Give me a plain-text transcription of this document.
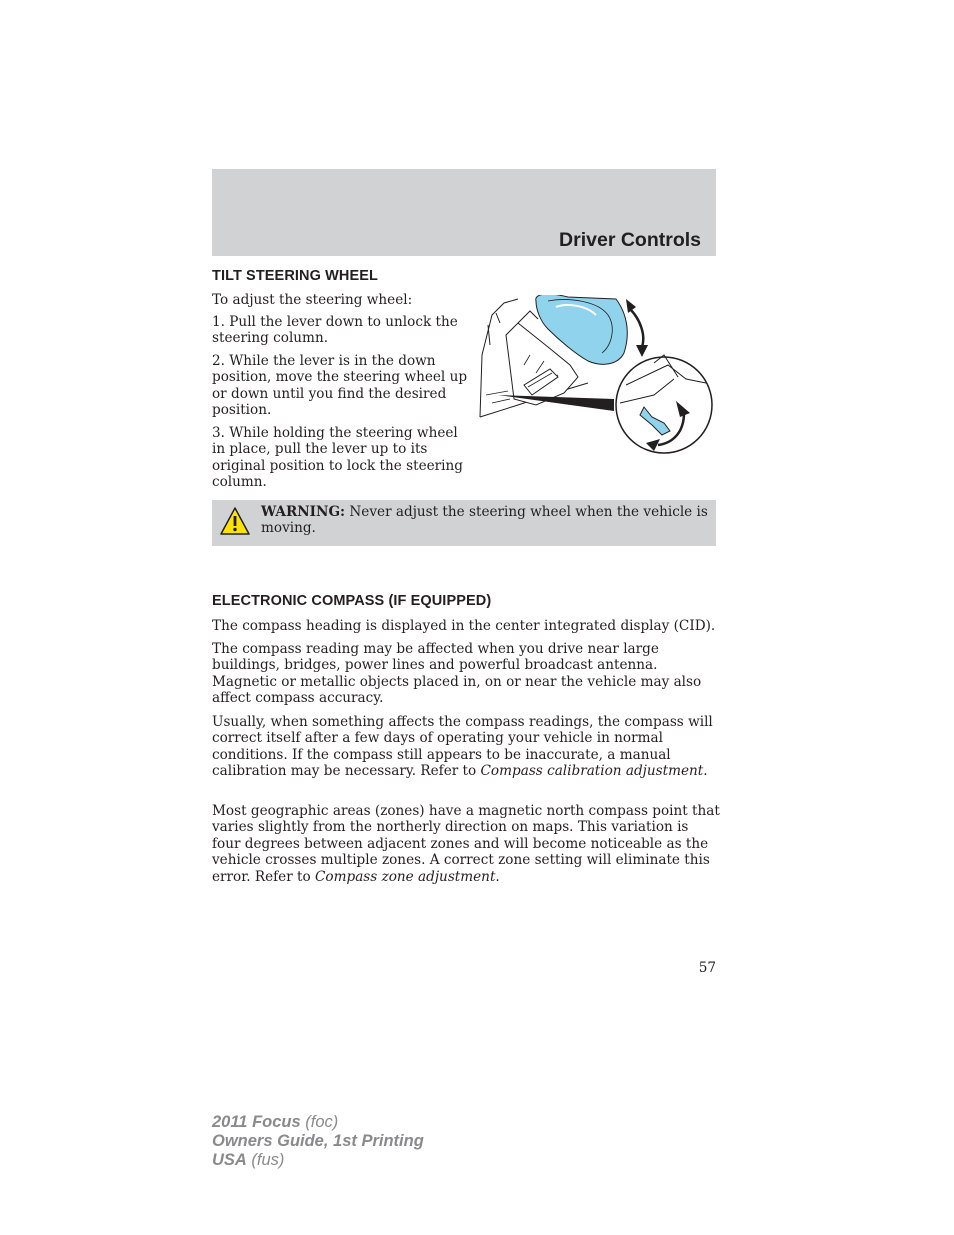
Driver Controls
TILT STEERING WHEEL

To adjust the steering wheel:

1. Pull the lever down to unlock the steering column.

2. While the lever is in the down position, move the steering wheel up or down until you find the desired position.

3. While holding the steering wheel in place, pull the lever up to its original position to lock the steering column.

WARNING: Never adjust the steering wheel when the vehicle is moving.
ELECTRONIC COMPASS (IF EQUIPPED)

The compass heading is displayed in the center integrated display (CID).

The compass reading may be affected when you drive near large buildings, bridges, power lines and powerful broadcast antenna. Magnetic or metallic objects placed in, on or near the vehicle may also affect compass accuracy.

Usually, when something affects the compass readings, the compass will correct itself after a few days of operating your vehicle in normal conditions. If the compass still appears to be inaccurate, a manual calibration may be necessary. Refer to Compass calibration adjustment.

Most geographic areas (zones) have a magnetic north compass point that varies slightly from the northerly direction on maps. This variation is four degrees between adjacent zones and will become noticeable as the vehicle crosses multiple zones. A correct zone setting will eliminate this error. Refer to Compass zone adjustment.

57
2011 Focus (foc)
Owners Guide, 1st Printing
USA (fus)
